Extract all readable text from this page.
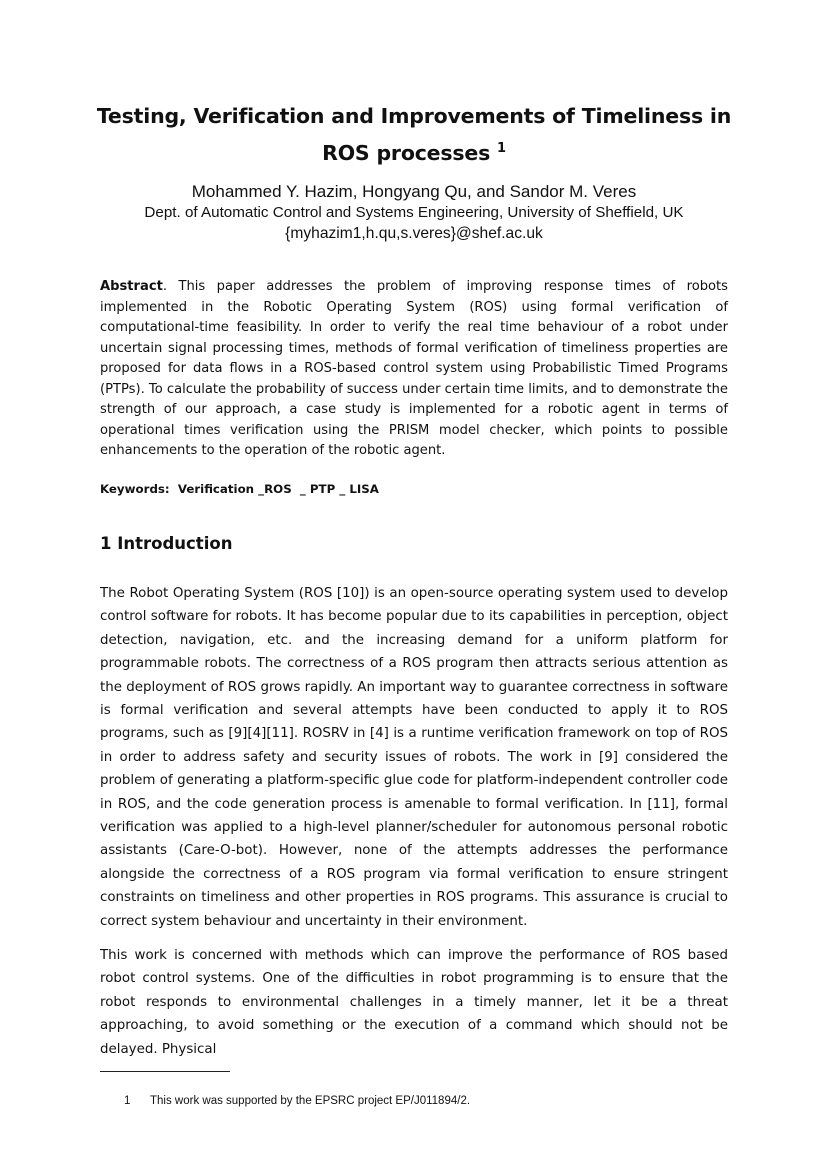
Testing, Verification and Improvements of Timeliness in ROS processes $^1$
Mohammed Y. Hazim, Hongyang Qu, and Sandor M. Veres
Dept. of Automatic Control and Systems Engineering, University of Sheffield, UK
{myhazim1,h.qu,s.veres}@shef.ac.uk

Abstract. This paper addresses the problem of improving response times of robots implemented in the Robotic Operating System (ROS) using formal verification of computational-time feasibility. In order to verify the real time behaviour of a robot under uncertain signal processing times, methods of formal verification of timeliness properties are proposed for data flows in a ROS-based control system using Probabilistic Timed Programs (PTPs). To calculate the probability of success under certain time limits, and to demonstrate the strength of our approach, a case study is implemented for a robotic agent in terms of operational times verification using the PRISM model checker, which points to possible enhancements to the operation of the robotic agent.

Keywords:  Verification _ROS  _ PTP _ LISA
1 Introduction

The Robot Operating System (ROS [10]) is an open-source operating system used to develop control software for robots. It has become popular due to its capabilities in perception, object detection, navigation, etc. and the increasing demand for a uniform platform for programmable robots. The correctness of a ROS program then attracts serious attention as the deployment of ROS grows rapidly. An important way to guarantee correctness in software is formal verification and several attempts have been conducted to apply it to ROS programs, such as [9][4][11]. ROSRV in [4] is a runtime verification framework on top of ROS in order to address safety and security issues of robots. The work in [9] considered the problem of generating a platform-specific glue code for platform-independent controller code in ROS, and the code generation process is amenable to formal verification. In [11], formal verification was applied to a high-level planner/scheduler for autonomous personal robotic assistants (Care-O-bot). However, none of the attempts addresses the performance alongside the correctness of a ROS program via formal verification to ensure stringent constraints on timeliness and other properties in ROS programs. This assurance is crucial to correct system behaviour and uncertainty in their environment.

This work is concerned with methods which can improve the performance of ROS based robot control systems. One of the difficulties in robot programming is to ensure that the robot responds to environmental challenges in a timely manner, let it be a threat approaching, to avoid something or the execution of a command which should not be delayed. Physical

1 This work was supported by the EPSRC project EP/J011894/2.
